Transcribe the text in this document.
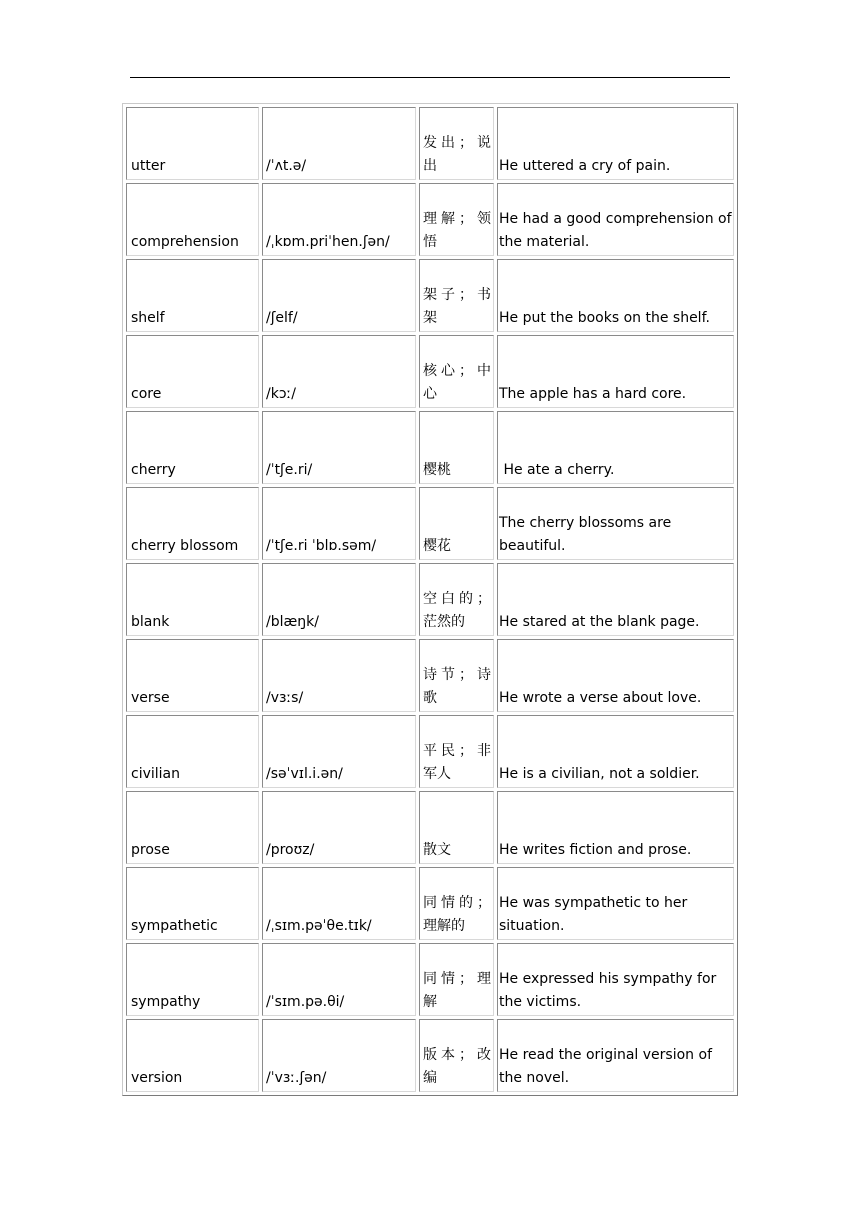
utter	/ˈʌt.ə/	发出；说出	He uttered a cry of pain.

comprehension	/ˌkɒm.priˈhen.ʃən/	理解；领悟	He had a good comprehension of the material.

shelf	/ʃelf/	架子；书架	He put the books on the shelf.

core	/kɔː/	核心；中心	The apple has a hard core.

cherry	/ˈtʃe.ri/	樱桃	He ate a cherry.

cherry blossom	/ˈtʃe.ri ˈblɒ.səm/	樱花	The cherry blossoms are beautiful.

blank	/blæŋk/	空白的；茫然的	He stared at the blank page.

verse	/vɜːs/	诗节；诗歌	He wrote a verse about love.

civilian	/səˈvɪl.i.ən/	平民；非军人	He is a civilian, not a soldier.

prose	/proʊz/	散文	He writes fiction and prose.

sympathetic	/ˌsɪm.pəˈθe.tɪk/	同情的；理解的	He was sympathetic to her situation.

sympathy	/ˈsɪm.pə.θi/	同情；理解	He expressed his sympathy for the victims.

version	/ˈvɜː.ʃən/	版本；改编	He read the original version of the novel.
